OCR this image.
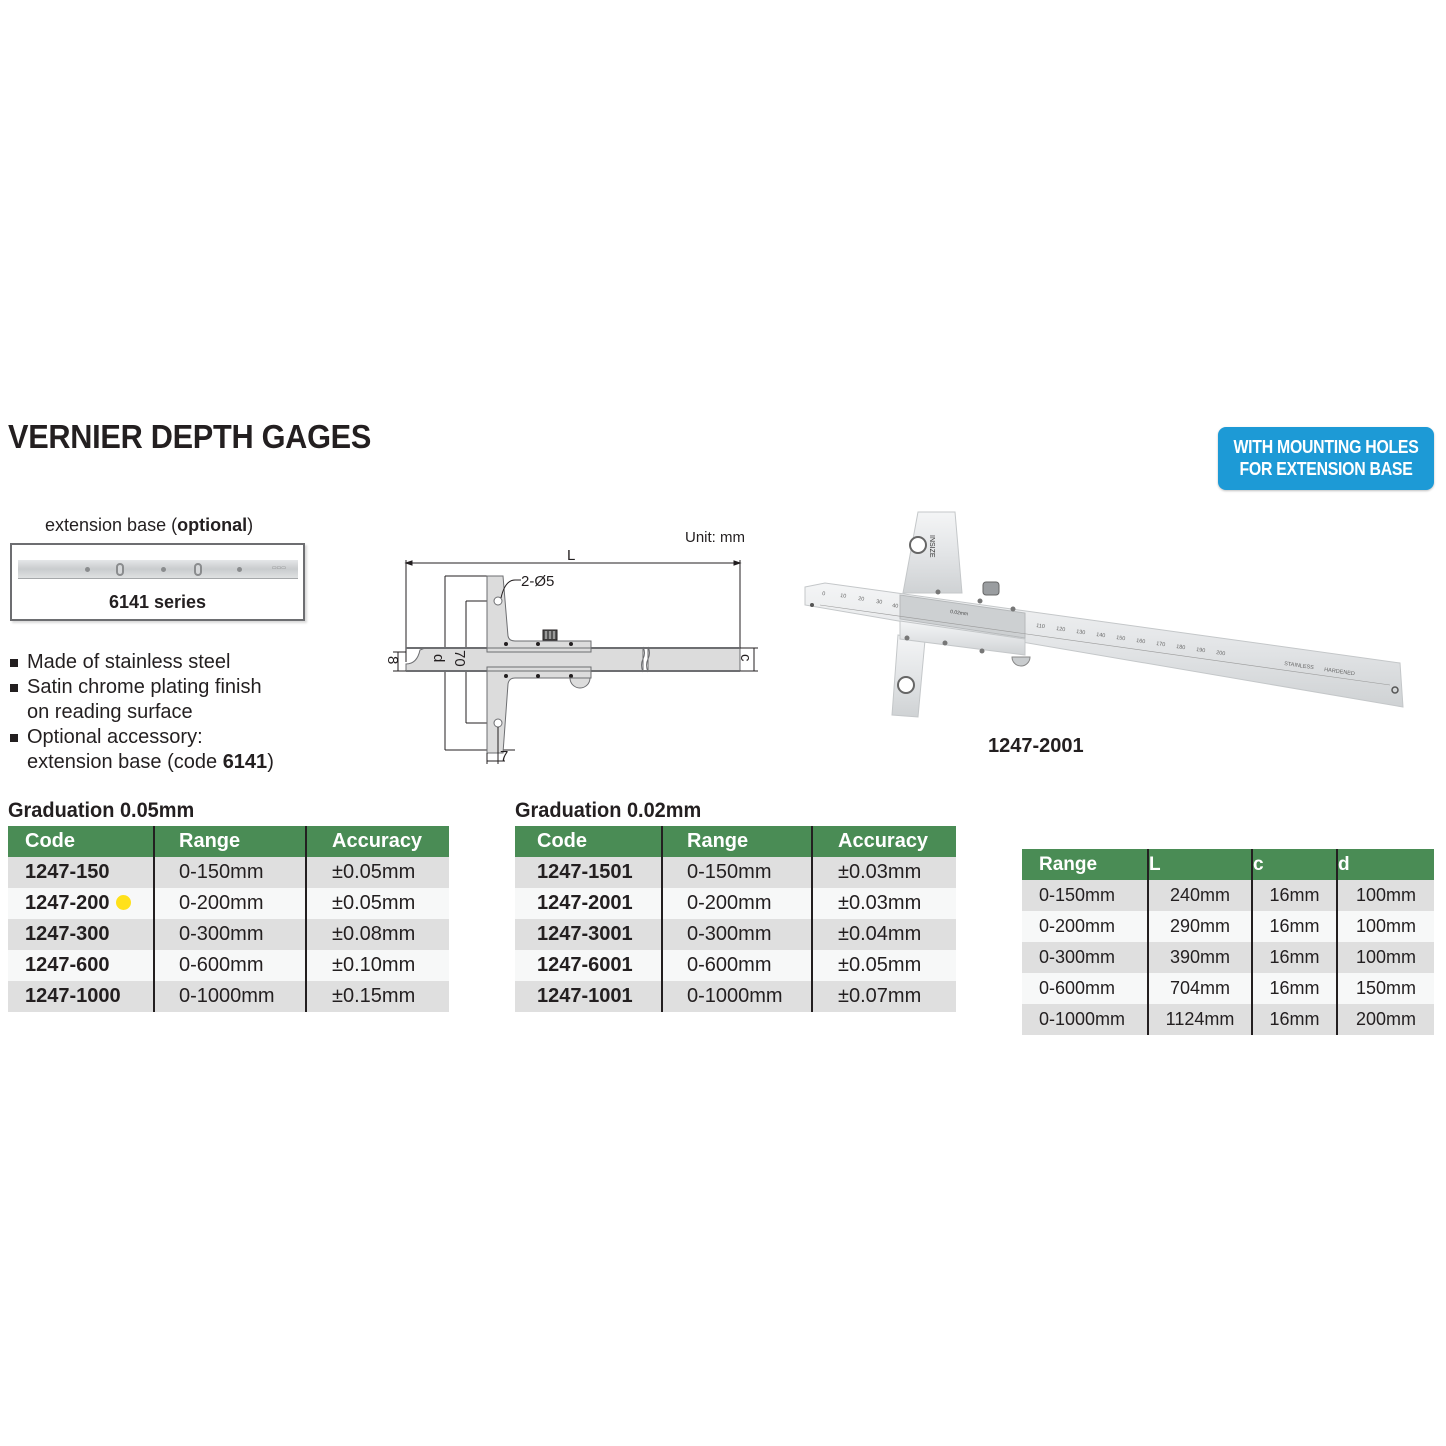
VERNIER DEPTH GAGES	WITH MOUNTING HOLES
FOR EXTENSION BASE
extension base (optional)
▭▭▭
6141 series
Made of stainless steel
Satin chrome plating finish
on reading surface
Optional accessory:
extension base (code 6141)
Unit: mm
2-Ø5
L
8 d 70	c
7
INSIZE
0.02mm
0	10 20 30
40
110 120 130 140 150 160 170 180 190 200
STAINLESS
HARDENED
1247-2001
Graduation 0.05mm
Code	Range	Accuracy
1247-150	0-150mm	±0.05mm
1247-200	0-200mm	±0.05mm
1247-300	0-300mm	±0.08mm
1247-600	0-600mm	±0.10mm
1247-1000	0-1000mm	±0.15mm
Graduation 0.02mm
Code	Range	Accuracy
1247-1501	0-150mm	±0.03mm
1247-2001	0-200mm	±0.03mm
1247-3001	0-300mm	±0.04mm
1247-6001	0-600mm	±0.05mm
1247-1001	0-1000mm	±0.07mm
Range	L	c	d
0-150mm	240mm	16mm	100mm
0-200mm	290mm	16mm	100mm
0-300mm	390mm	16mm	100mm
0-600mm	704mm	16mm	150mm
0-1000mm	1124mm	16mm	200mm
